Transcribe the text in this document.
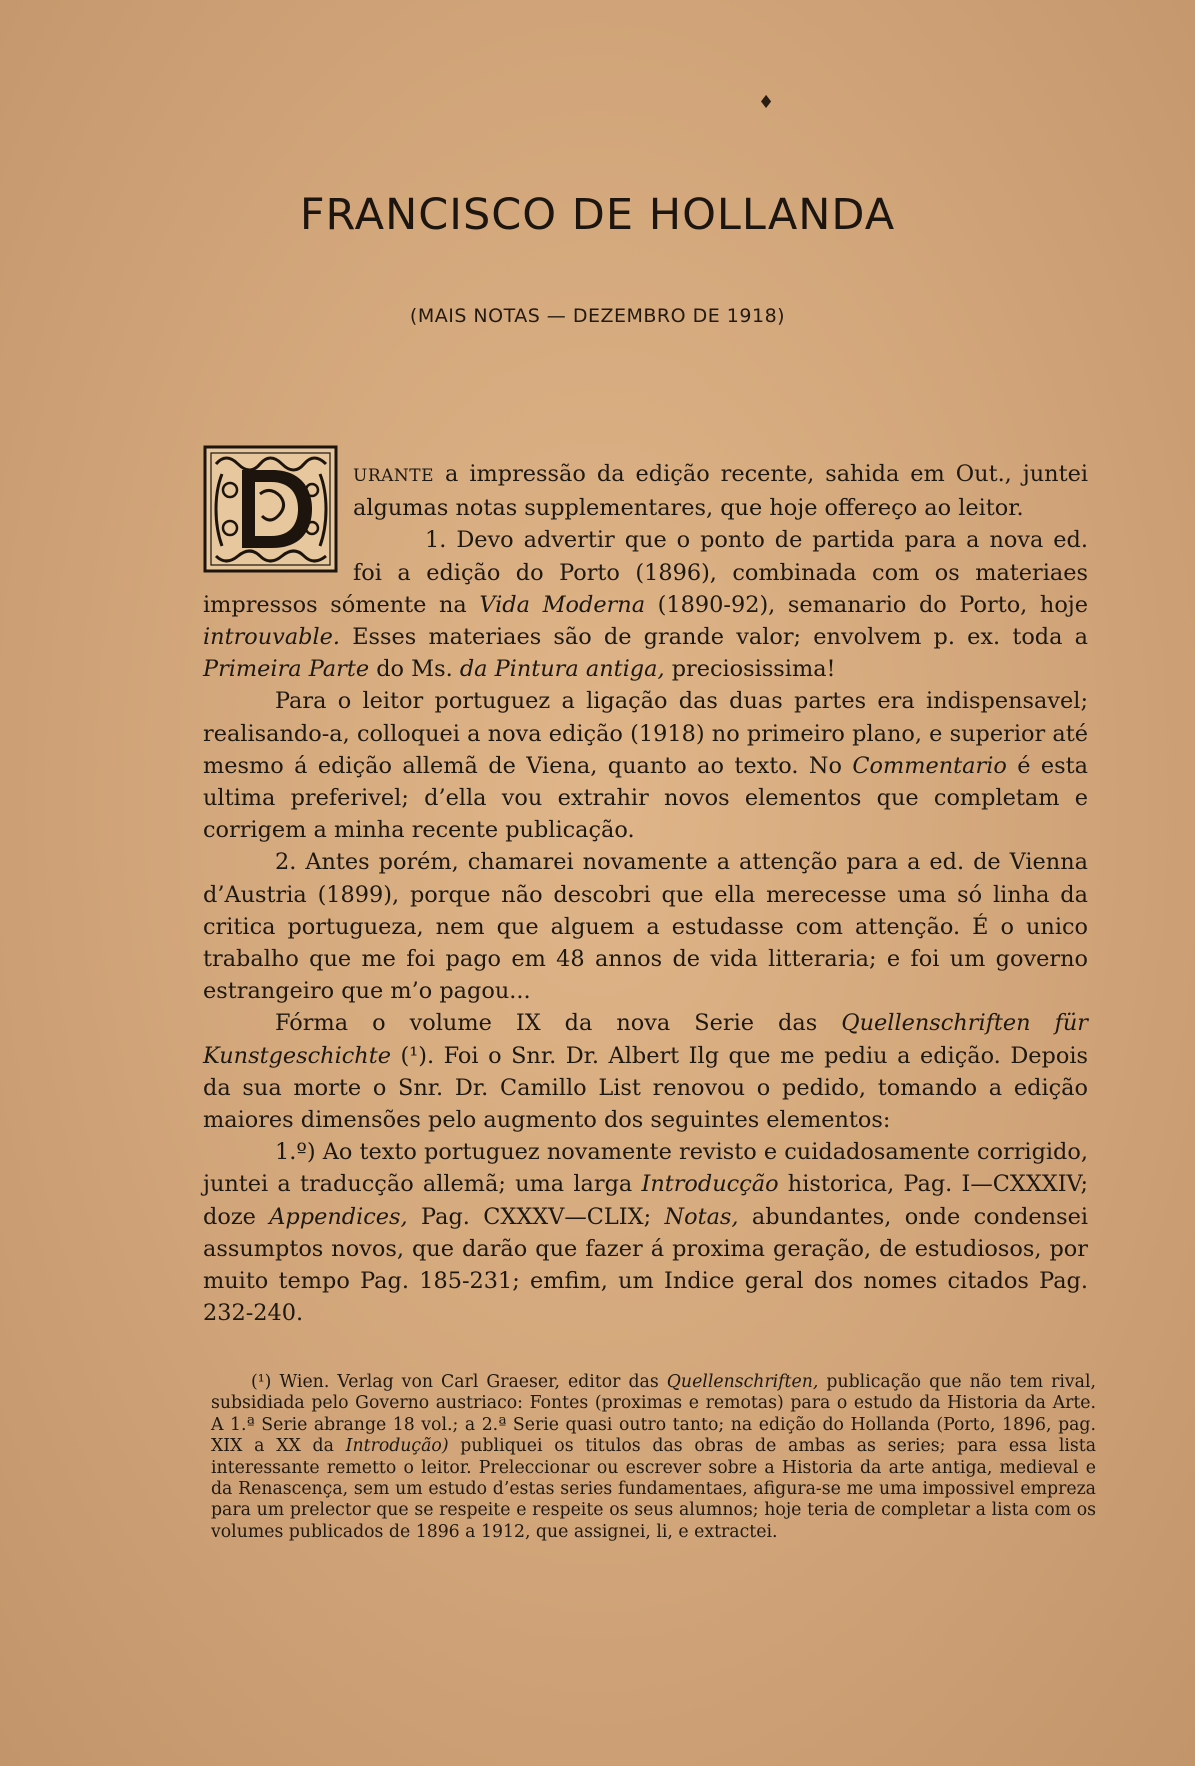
♦
FRANCISCO DE HOLLANDA
(MAIS NOTAS — DEZEMBRO DE 1918)

URANTE a impressão da edição recente, sahida em Out., juntei algumas notas supplementares, que hoje offereço ao leitor.

1. Devo advertir que o ponto de partida para a nova ed. foi a edição do Porto (1896), combinada com os materiaes impressos sómente na Vida Moderna (1890-92), semanario do Porto, hoje introuvable. Esses materiaes são de grande valor; envolvem p. ex. toda a Primeira Parte do Ms. da Pintura antiga, preciosissima!

Para o leitor portuguez a ligação das duas partes era indispensavel; realisando-a, colloquei a nova edição (1918) no primeiro plano, e superior até mesmo á edição allemã de Viena, quanto ao texto. No Commentario é esta ultima preferivel; d’ella vou extrahir novos elementos que completam e corrigem a minha recente publicação.

2. Antes porém, chamarei novamente a attenção para a ed. de Vienna d’Austria (1899), porque não descobri que ella merecesse uma só linha da critica portugueza, nem que alguem a estudasse com attenção. É o unico trabalho que me foi pago em 48 annos de vida litteraria; e foi um governo estrangeiro que m’o pagou...

Fórma o volume IX da nova Serie das Quellenschriften für Kunstgeschichte (¹). Foi o Snr. Dr. Albert Ilg que me pediu a edição. Depois da sua morte o Snr. Dr. Camillo List renovou o pedido, tomando a edição maiores dimensões pelo augmento dos seguintes elementos:

1.º) Ao texto portuguez novamente revisto e cuidadosamente corrigido, juntei a traducção allemã; uma larga Introducção historica, Pag. I—CXXXIV; doze Appendices, Pag. CXXXV—CLIX; Notas, abundantes, onde condensei assumptos novos, que darão que fazer á proxima geração, de estudiosos, por muito tempo Pag. 185-231; emfim, um Indice geral dos nomes citados Pag. 232-240.

(¹) Wien. Verlag von Carl Graeser, editor das Quellenschriften, publicação que não tem rival, subsidiada pelo Governo austriaco: Fontes (proximas e remotas) para o estudo da Historia da Arte. A 1.ª Serie abrange 18 vol.; a 2.ª Serie quasi outro tanto; na edição do Hollanda (Porto, 1896, pag. XIX a XX da Introdução) publiquei os titulos das obras de ambas as series; para essa lista interessante remetto o leitor. Preleccionar ou escrever sobre a Historia da arte antiga, medieval e da Renascença, sem um estudo d’estas series fundamentaes, afigura-se me uma impossivel empreza para um prelector que se respeite e respeite os seus alumnos; hoje teria de completar a lista com os volumes publicados de 1896 a 1912, que assignei, li, e extractei.
